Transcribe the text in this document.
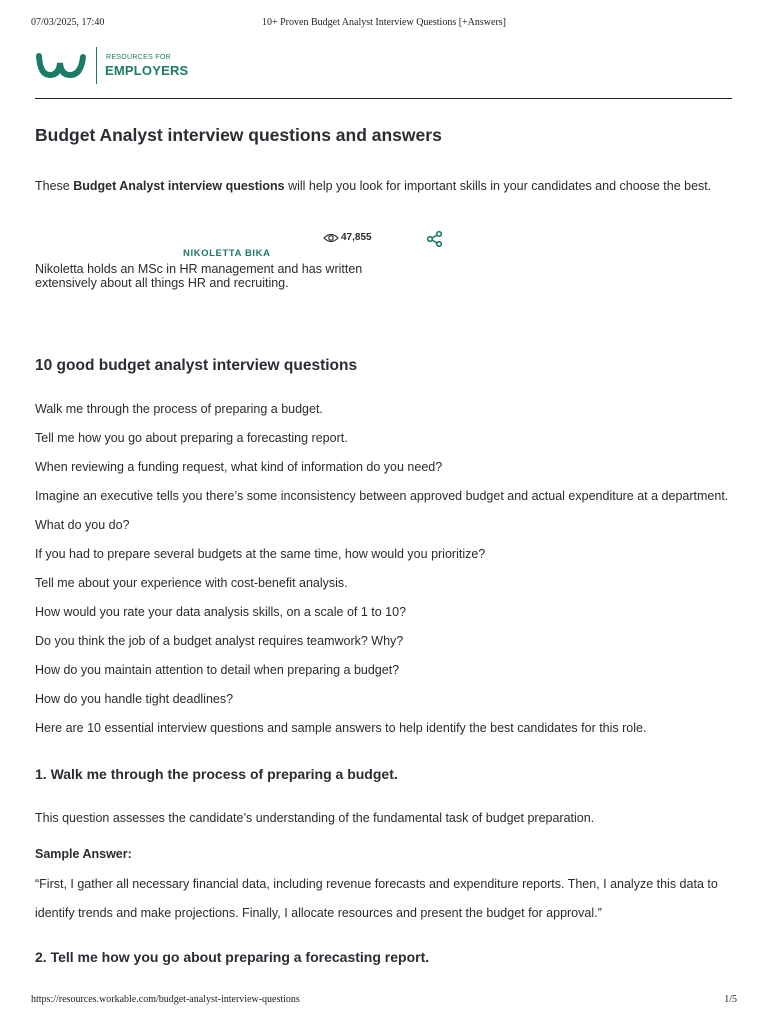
07/03/2025, 17:40	10+ Proven Budget Analyst Interview Questions [+Answers]
RESOURCES FOR
EMPLOYERS
Budget Analyst interview questions and answers
These Budget Analyst interview questions will help you look for important skills in your candidates and choose the best.
47,855
NIKOLETTA BIKA
Nikoletta holds an MSc in HR management and has written extensively about all things HR and recruiting.
10 good budget analyst interview questions
Walk me through the process of preparing a budget.
Tell me how you go about preparing a forecasting report.
When reviewing a funding request, what kind of information do you need?
Imagine an executive tells you there’s some inconsistency between approved budget and actual expenditure at a department. What do you do?
If you had to prepare several budgets at the same time, how would you prioritize?
Tell me about your experience with cost-benefit analysis.
How would you rate your data analysis skills, on a scale of 1 to 10?
Do you think the job of a budget analyst requires teamwork? Why?
How do you maintain attention to detail when preparing a budget?
How do you handle tight deadlines?
Here are 10 essential interview questions and sample answers to help identify the best candidates for this role.
1. Walk me through the process of preparing a budget.
This question assesses the candidate’s understanding of the fundamental task of budget preparation.
Sample Answer:
“First, I gather all necessary financial data, including revenue forecasts and expenditure reports. Then, I analyze this data to identify trends and make projections. Finally, I allocate resources and present the budget for approval.”
2. Tell me how you go about preparing a forecasting report.
https://resources.workable.com/budget-analyst-interview-questions	1/5
